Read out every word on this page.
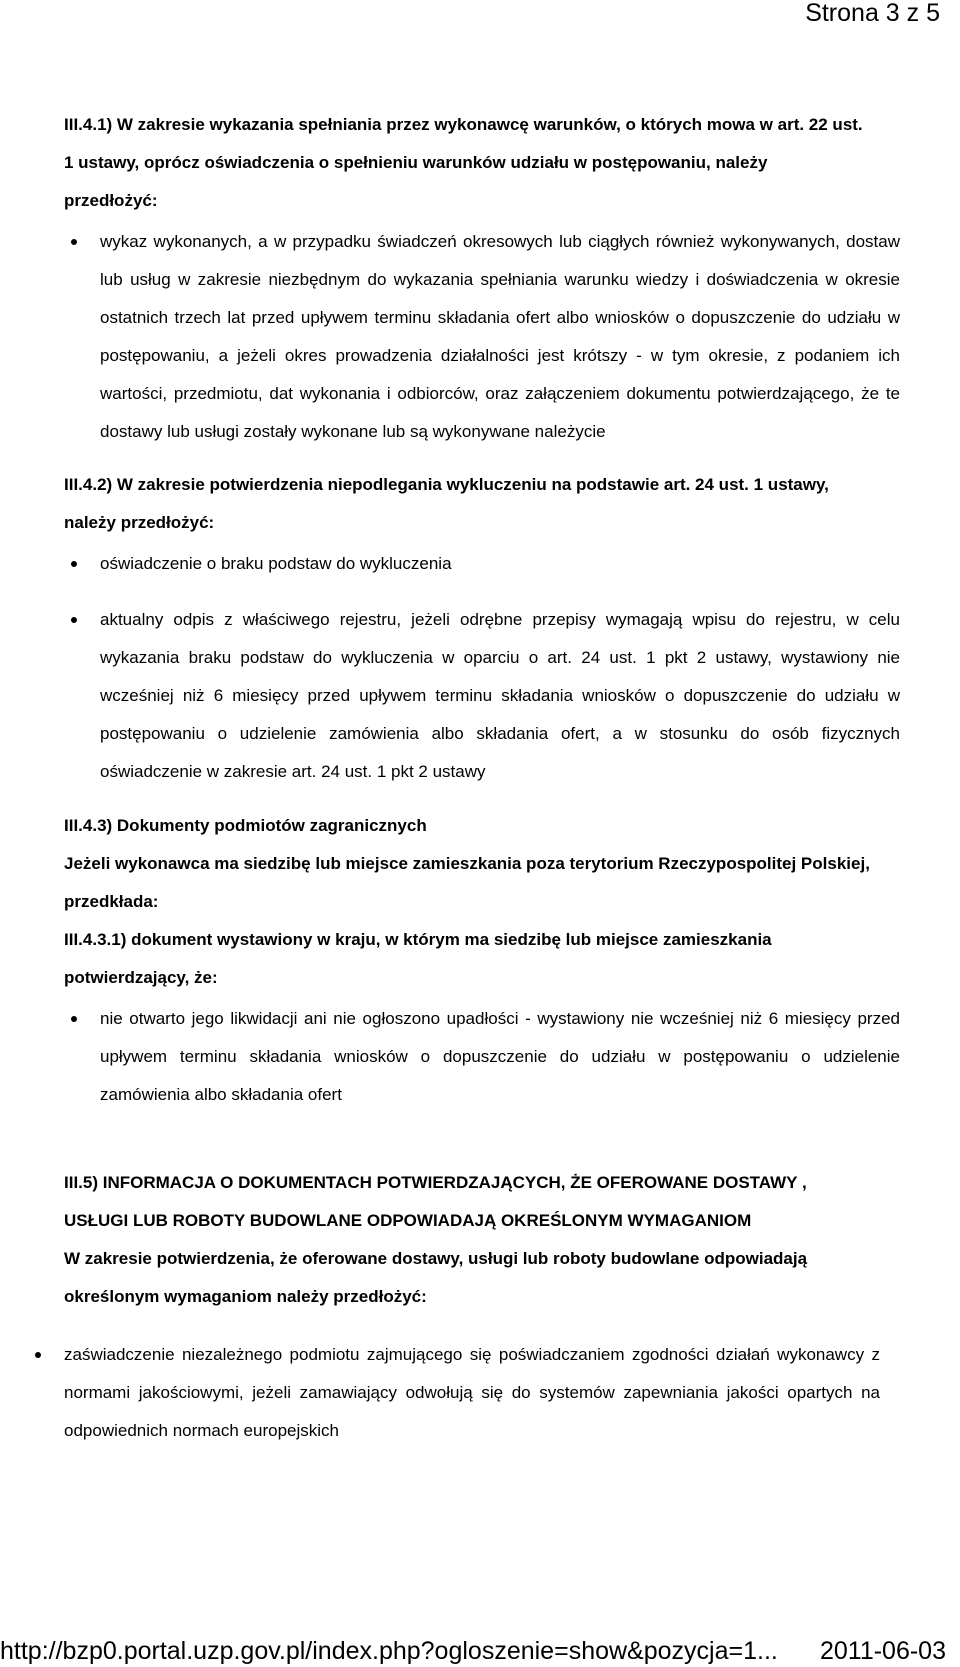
Strona 3 z 5

III.4.1) W zakresie wykazania spełniania przez wykonawcę warunków, o których mowa w art. 22 ust. 1 ustawy, oprócz oświadczenia o spełnieniu warunków udziału w postępowaniu, należy przedłożyć:

wykaz wykonanych, a w przypadku świadczeń okresowych lub ciągłych również wykonywanych, dostaw lub usług w zakresie niezbędnym do wykazania spełniania warunku wiedzy i doświadczenia w okresie ostatnich trzech lat przed upływem terminu składania ofert albo wniosków o dopuszczenie do udziału w postępowaniu, a jeżeli okres prowadzenia działalności jest krótszy - w tym okresie, z podaniem ich wartości, przedmiotu, dat wykonania i odbiorców, oraz załączeniem dokumentu potwierdzającego, że te dostawy lub usługi zostały wykonane lub są wykonywane należycie

III.4.2) W zakresie potwierdzenia niepodlegania wykluczeniu na podstawie art. 24 ust. 1 ustawy, należy przedłożyć:

oświadczenie o braku podstaw do wykluczenia
aktualny odpis z właściwego rejestru, jeżeli odrębne przepisy wymagają wpisu do rejestru, w celu wykazania braku podstaw do wykluczenia w oparciu o art. 24 ust. 1 pkt 2 ustawy, wystawiony nie wcześniej niż 6 miesięcy przed upływem terminu składania wniosków o dopuszczenie do udziału w postępowaniu o udzielenie zamówienia albo składania ofert, a w stosunku do osób fizycznych oświadczenie w zakresie art. 24 ust. 1 pkt 2 ustawy

III.4.3) Dokumenty podmiotów zagranicznych

Jeżeli wykonawca ma siedzibę lub miejsce zamieszkania poza terytorium Rzeczypospolitej Polskiej, przedkłada:

III.4.3.1) dokument wystawiony w kraju, w którym ma siedzibę lub miejsce zamieszkania potwierdzający, że:

nie otwarto jego likwidacji ani nie ogłoszono upadłości - wystawiony nie wcześniej niż 6 miesięcy przed upływem terminu składania wniosków o dopuszczenie do udziału w postępowaniu o udzielenie zamówienia albo składania ofert

III.5) INFORMACJA O DOKUMENTACH POTWIERDZAJĄCYCH, ŻE OFEROWANE DOSTAWY , USŁUGI LUB ROBOTY BUDOWLANE ODPOWIADAJĄ OKREŚLONYM WYMAGANIOM

W zakresie potwierdzenia, że oferowane dostawy, usługi lub roboty budowlane odpowiadają określonym wymaganiom należy przedłożyć:

zaświadczenie niezależnego podmiotu zajmującego się poświadczaniem zgodności działań wykonawcy z normami jakościowymi, jeżeli zamawiający odwołują się do systemów zapewniania jakości opartych na odpowiednich normach europejskich
http://bzp0.portal.uzp.gov.pl/index.php?ogloszenie=show&pozycja=1... 2011-06-03
